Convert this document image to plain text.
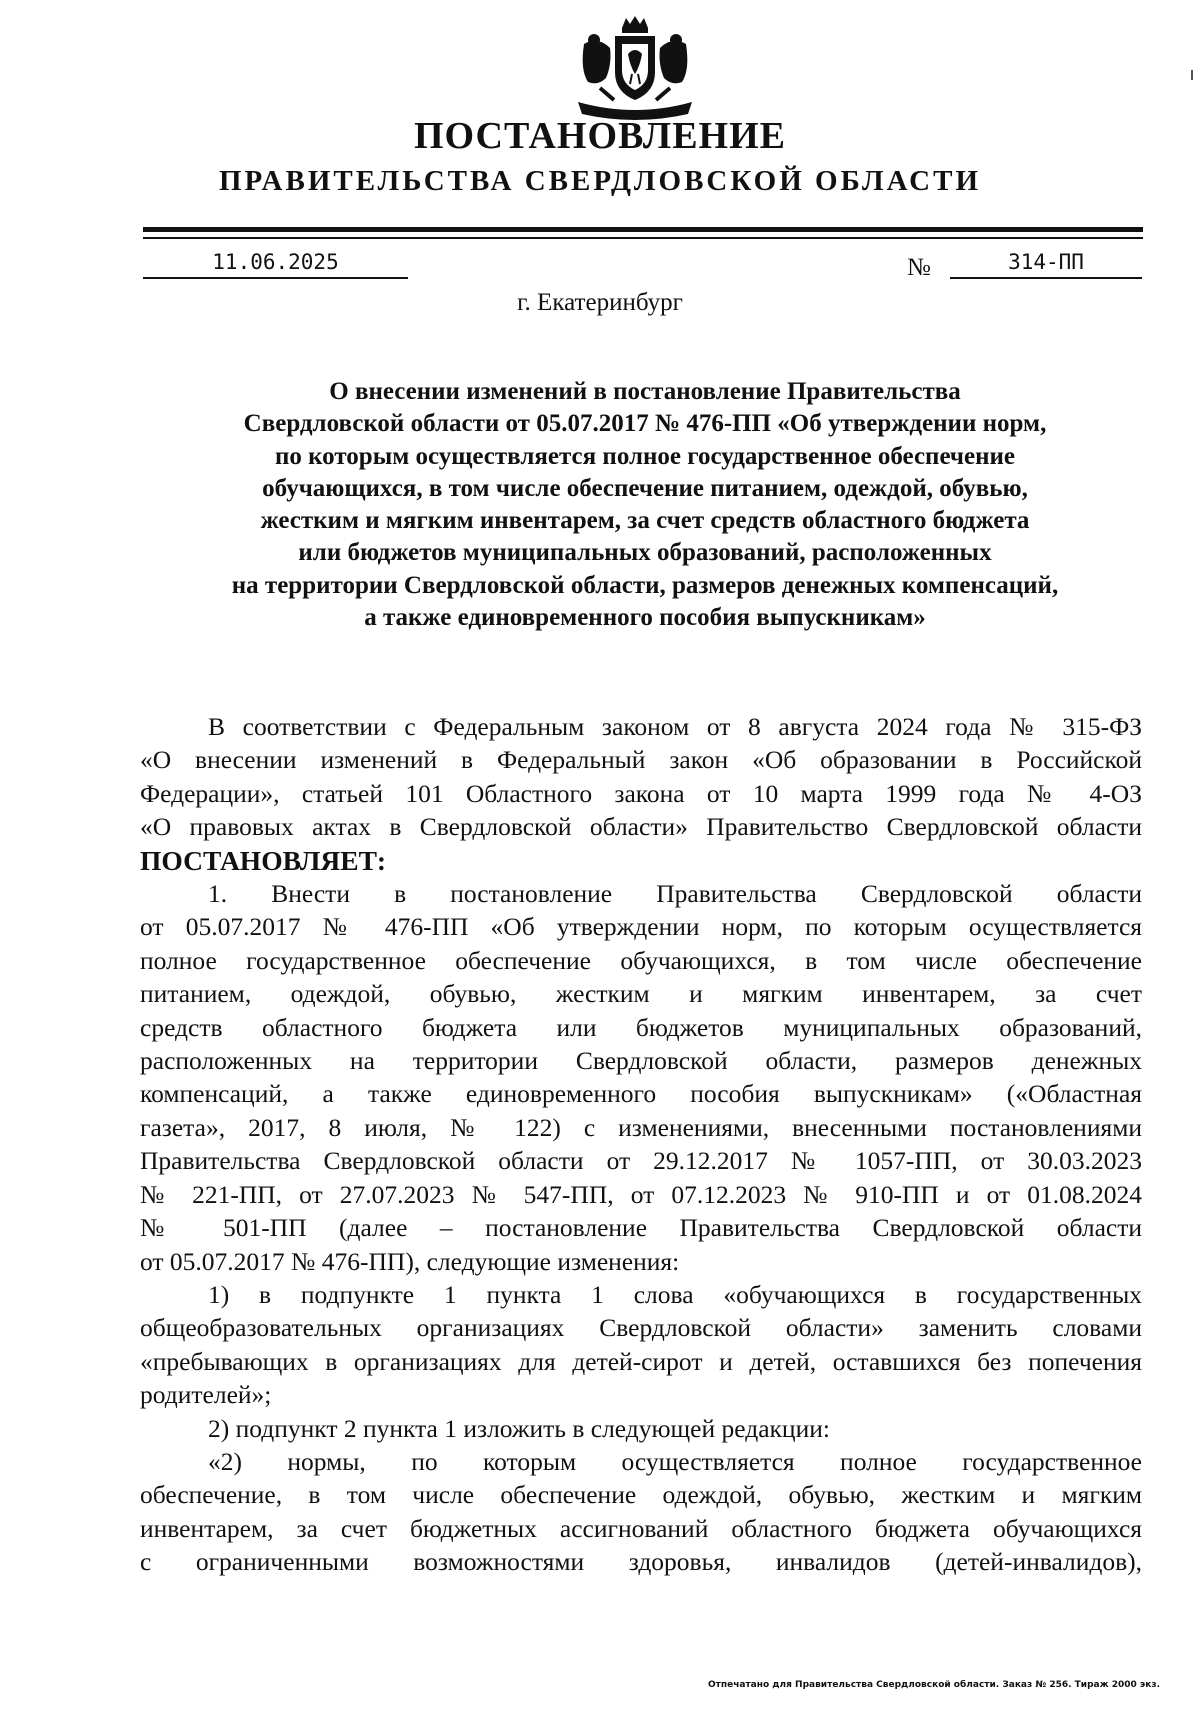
ПОСТАНОВЛЕНИЕ
ПРАВИТЕЛЬСТВА СВЕРДЛОВСКОЙ ОБЛАСТИ
11.06.2025	№	314-ПП
г. Екатеринбург
О внесении изменений в постановление Правительства
Свердловской области от 05.07.2017 № 476-ПП «Об утверждении норм,
по которым осуществляется полное государственное обеспечение
обучающихся, в том числе обеспечение питанием, одеждой, обувью,
жестким и мягким инвентарем, за счет средств областного бюджета
или бюджетов муниципальных образований, расположенных
на территории Свердловской области, размеров денежных компенсаций,
а также единовременного пособия выпускникам»
В соответствии с Федеральным законом от 8 августа 2024 года № 315-ФЗ
«О внесении изменений в Федеральный закон «Об образовании в Российской
Федерации», статьей 101 Областного закона от 10 марта 1999 года № 4-ОЗ
«О правовых актах в Свердловской области» Правительство Свердловской области
ПОСТАНОВЛЯЕТ:
1. Внести в постановление Правительства Свердловской области
от 05.07.2017 № 476-ПП «Об утверждении норм, по которым осуществляется
полное государственное обеспечение обучающихся, в том числе обеспечение
питанием, одеждой, обувью, жестким и мягким инвентарем, за счет
средств областного бюджета или бюджетов муниципальных образований,
расположенных на территории Свердловской области, размеров денежных
компенсаций, а также единовременного пособия выпускникам» («Областная
газета», 2017, 8 июля, № 122) с изменениями, внесенными постановлениями
Правительства Свердловской области от 29.12.2017 № 1057-ПП, от 30.03.2023
№ 221-ПП, от 27.07.2023 № 547-ПП, от 07.12.2023 № 910-ПП и от 01.08.2024
№ 501-ПП (далее – постановление Правительства Свердловской области
от 05.07.2017 № 476-ПП), следующие изменения:
1) в подпункте 1 пункта 1 слова «обучающихся в государственных
общеобразовательных организациях Свердловской области» заменить словами
«пребывающих в организациях для детей-сирот и детей, оставшихся без попечения
родителей»;
2) подпункт 2 пункта 1 изложить в следующей редакции:
«2) нормы, по которым осуществляется полное государственное
обеспечение, в том числе обеспечение одеждой, обувью, жестким и мягким
инвентарем, за счет бюджетных ассигнований областного бюджета обучающихся
с ограниченными возможностями здоровья, инвалидов (детей-инвалидов),
Отпечатано для Правительства Свердловской области. Заказ № 256. Тираж 2000 экз.
